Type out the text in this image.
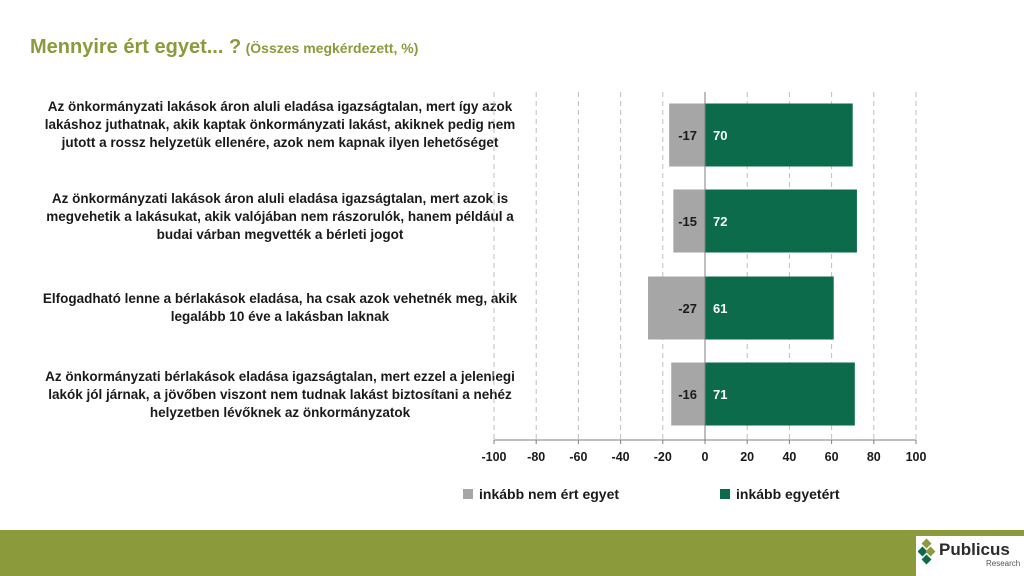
Mennyire ért egyet... ? (Összes megkérdezett, %)
Az önkormányzati lakások áron aluli eladása igazságtalan, mert így azok lakáshoz juthatnak, akik kaptak önkormányzati lakást, akiknek pedig nem jutott a rossz helyzetük ellenére, azok nem kapnak ilyen lehetőséget
Az önkormányzati lakások áron aluli eladása igazságtalan, mert azok is megvehetik a lakásukat, akik valójában nem rászorulók, hanem például a budai várban megvették a bérleti jogot
Elfogadható lenne a bérlakások eladása, ha csak azok vehetnék meg, akik legalább 10 éve a lakásban laknak
Az önkormányzati bérlakások eladása igazságtalan, mert ezzel a jelenlegi lakók jól járnak, a jövőben viszont nem tudnak lakást biztosítani a nehéz helyzetben lévőknek az önkormányzatok
-100 -80 -60 -40 -20 0	20 40 60 80 100
-17 70
-15 72
-27 61
-16 71
inkább nem ért egyet	inkább egyetért
Publicus
Research
